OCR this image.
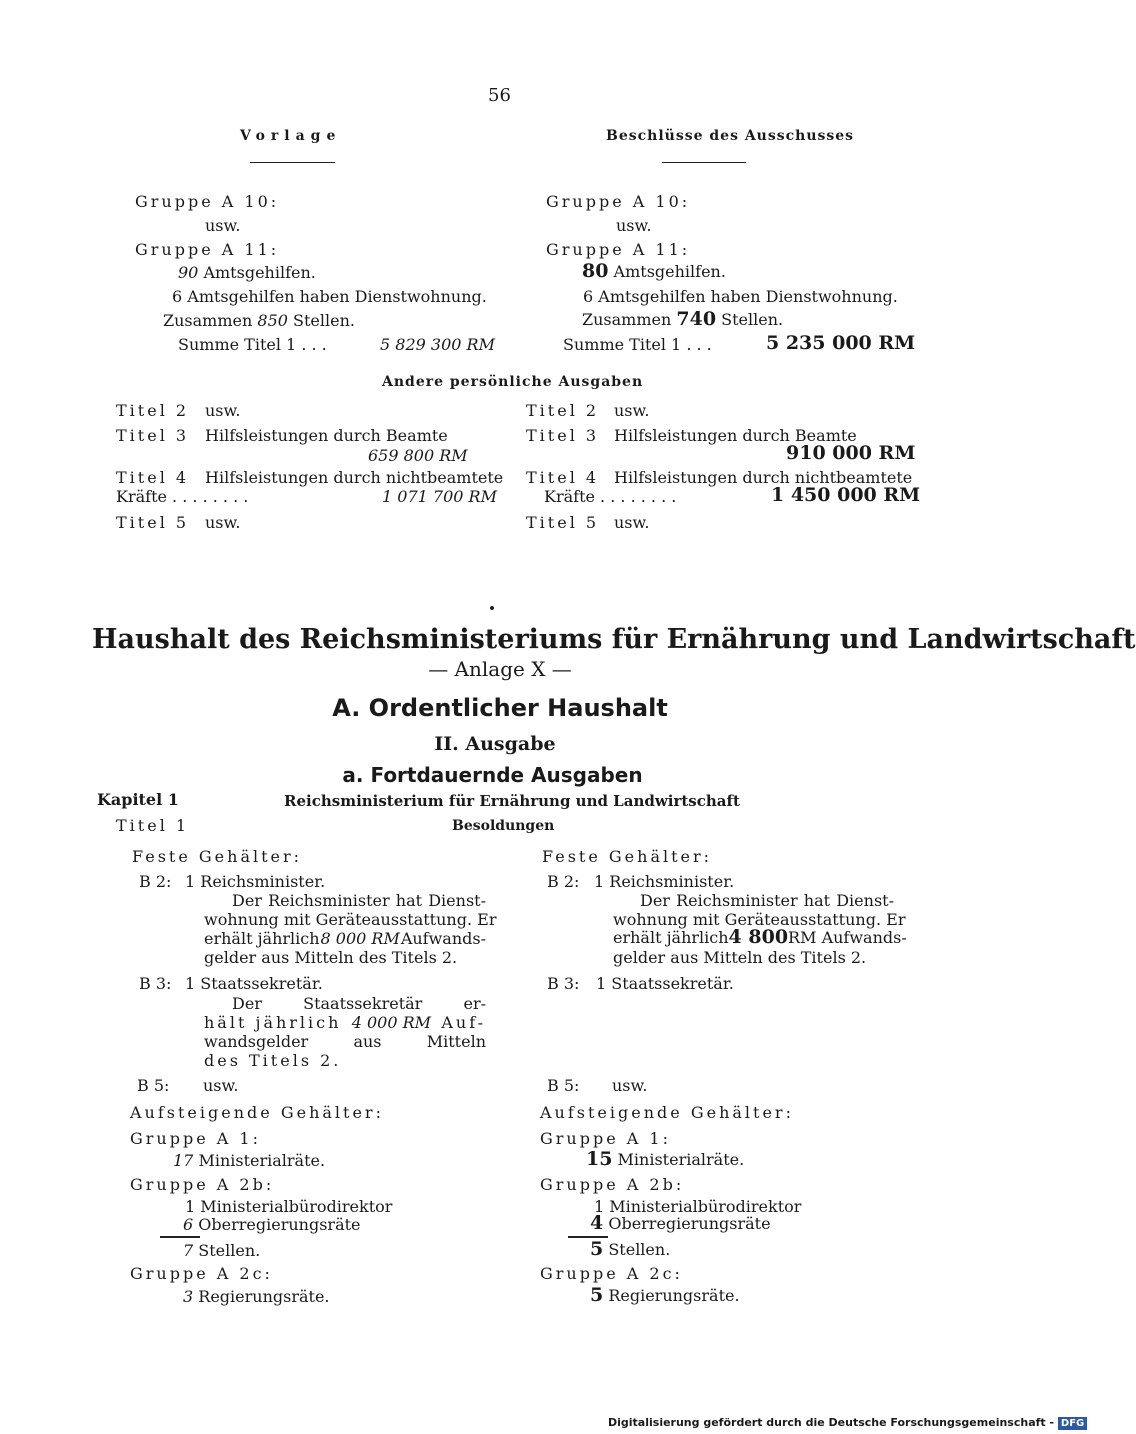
56
Vorlage	Beschlüsse des Ausschusses
Gruppe A 10:
usw.
Gruppe A 11:
90 Amtsgehilfen.
6 Amtsgehilfen haben Dienstwohnung.
Zusammen 850 Stellen.
Summe Titel 1 . . .	5 829 300 RM
Gruppe A 10:
usw.
Gruppe A 11:
80 Amtsgehilfen.
6 Amtsgehilfen haben Dienstwohnung.
Zusammen 740 Stellen.
Summe Titel 1 . . .	5 235 000 RM
Andere persönliche Ausgaben
Titel 2 usw.
Titel 3 Hilfsleistungen durch Beamte
659 800 RM
Titel 4 Hilfsleistungen durch nichtbeamtete
Kräfte . . . . . . . .	1 071 700 RM
Titel 5 usw.
Titel 2 usw.
Titel 3 Hilfsleistungen durch Beamte
910 000 RM
Titel 4 Hilfsleistungen durch nichtbeamtete
Kräfte . . . . . . . .	1 450 000 RM
Titel 5 usw.
Haushalt des Reichsministeriums für Ernährung und Landwirtschaft
— Anlage X —
A. Ordentlicher Haushalt
II. Ausgabe
a. Fortdauernde Ausgaben
Kapitel 1	Reichsministerium für Ernährung und Landwirtschaft
Titel 1	Besoldungen
Feste Gehälter:
B 2: 1 Reichsminister.
Der Reichsminister hat Dienst-
wohnung mit Geräteausstattung. Er
erhält jährlich 8 000 RM Aufwands-
gelder aus Mitteln des Titels 2.
B 3: 1 Staatssekretär.
Der Staatssekretär er-
hält jährlich 4 000 RM Auf-
wandsgelder aus Mitteln
des Titels 2.
B 5: usw.
Aufsteigende Gehälter:
Gruppe A 1:
17 Ministerialräte.
Gruppe A 2b:
1 Ministerialbürodirektor
6 Oberregierungsräte
7 Stellen.
Gruppe A 2c:
3 Regierungsräte.
Feste Gehälter:
B 2: 1 Reichsminister.
Der Reichsminister hat Dienst-
wohnung mit Geräteausstattung. Er
erhält jährlich 4 800 RM Aufwands-
gelder aus Mitteln des Titels 2.
B 3: 1 Staatssekretär.
B 5: usw.
Aufsteigende Gehälter:
Gruppe A 1:
15 Ministerialräte.
Gruppe A 2b:
1 Ministerialbürodirektor
4 Oberregierungsräte
5 Stellen.
Gruppe A 2c:
5 Regierungsräte.
Digitalisierung gefördert durch die Deutsche Forschungsgemeinschaft - DFG
